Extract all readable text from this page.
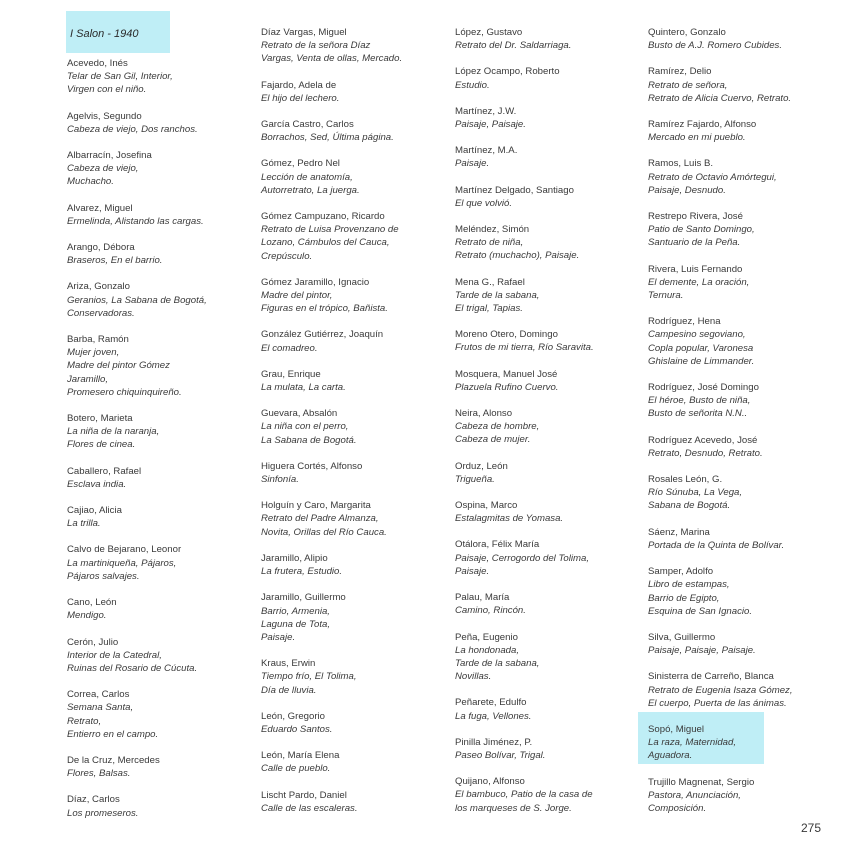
I Salon - 1940
Acevedo, Inés
Telar de San Gil, Interior,
Virgen con el niño.
Agelvis, Segundo
Cabeza de viejo, Dos ranchos.
Albarracín, Josefina
Cabeza de viejo,
Muchacho.
Alvarez, Miguel
Ermelinda, Alistando las cargas.
Arango, Débora
Braseros, En el barrio.
Ariza, Gonzalo
Geranios, La Sabana de Bogotá,
Conservadoras.
Barba, Ramón
Mujer joven,
Madre del pintor Gómez
Jaramillo,
Promesero chiquinquireño.
Botero, Marieta
La niña de la naranja,
Flores de cinea.
Caballero, Rafael
Esclava india.
Cajiao, Alicia
La trilla.
Calvo de Bejarano, Leonor
La martiniqueña, Pájaros,
Pájaros salvajes.
Cano, León
Mendigo.
Cerón, Julio
Interior de la Catedral,
Ruinas del Rosario de Cúcuta.
Correa, Carlos
Semana Santa,
Retrato,
Entierro en el campo.
De la Cruz, Mercedes
Flores, Balsas.
Díaz, Carlos
Los promeseros.
Díaz Vargas, Miguel
Retrato de la señora Díaz
Vargas, Venta de ollas, Mercado.
Fajardo, Adela de
El hijo del lechero.
García Castro, Carlos
Borrachos, Sed, Última página.
Gómez, Pedro Nel
Lección de anatomía,
Autorretrato, La juerga.
Gómez Campuzano, Ricardo
Retrato de Luisa Provenzano de
Lozano, Cámbulos del Cauca,
Crepúsculo.
Gómez Jaramillo, Ignacio
Madre del pintor,
Figuras en el trópico, Bañista.
González Gutiérrez, Joaquín
El comadreo.
Grau, Enrique
La mulata, La carta.
Guevara, Absalón
La niña con el perro,
La Sabana de Bogotá.
Higuera Cortés, Alfonso
Sinfonía.
Holguín y Caro, Margarita
Retrato del Padre Almanza,
Novita, Orillas del Río Cauca.
Jaramillo, Alipio
La frutera, Estudio.
Jaramillo, Guillermo
Barrio, Armenia,
Laguna de Tota,
Paisaje.
Kraus, Erwin
Tiempo frío, El Tolima,
Día de lluvia.
León, Gregorio
Eduardo Santos.
León, María Elena
Calle de pueblo.
Lischt Pardo, Daniel
Calle de las escaleras.
López, Gustavo
Retrato del Dr. Saldarriaga.
López Ocampo, Roberto
Estudio.
Martínez, J.W.
Paisaje, Paisaje.
Martínez, M.A.
Paisaje.
Martínez Delgado, Santiago
El que volvió.
Meléndez, Simón
Retrato de niña,
Retrato (muchacho), Paisaje.
Mena G., Rafael
Tarde de la sabana,
El trigal, Tapias.
Moreno Otero, Domingo
Frutos de mi tierra, Río Saravita.
Mosquera, Manuel José
Plazuela Rufino Cuervo.
Neira, Alonso
Cabeza de hombre,
Cabeza de mujer.
Orduz, León
Trigueña.
Ospina, Marco
Estalagmitas de Yomasa.
Otálora, Félix María
Paisaje, Cerrogordo del Tolima,
Paisaje.
Palau, María
Camino, Rincón.
Peña, Eugenio
La hondonada,
Tarde de la sabana,
Novillas.
Peñarete, Edulfo
La fuga, Vellones.
Pinilla Jiménez, P.
Paseo Bolívar, Trigal.
Quijano, Alfonso
El bambuco, Patio de la casa de
los marqueses de S. Jorge.
Quintero, Gonzalo
Busto de A.J. Romero Cubides.
Ramírez, Delio
Retrato de señora,
Retrato de Alicia Cuervo, Retrato.
Ramírez Fajardo, Alfonso
Mercado en mi pueblo.
Ramos, Luis B.
Retrato de Octavio Amórtegui,
Paisaje, Desnudo.
Restrepo Rivera, José
Patio de Santo Domingo,
Santuario de la Peña.
Rivera, Luis Fernando
El demente, La oración,
Ternura.
Rodríguez, Hena
Campesino segoviano,
Copla popular, Varonesa
Ghislaine de Limmander.
Rodríguez, José Domingo
El héroe, Busto de niña,
Busto de señorita N.N..
Rodríguez Acevedo, José
Retrato, Desnudo, Retrato.
Rosales León, G.
Río Súnuba, La Vega,
Sabana de Bogotá.
Sáenz, Marina
Portada de la Quinta de Bolívar.
Samper, Adolfo
Libro de estampas,
Barrio de Egipto,
Esquina de San Ignacio.
Silva, Guillermo
Paisaje, Paisaje, Paisaje.
Sinisterra de Carreño, Blanca
Retrato de Eugenia Isaza Gómez,
El cuerpo, Puerta de las ánimas.
Sopó, Miguel
La raza, Maternidad,
Aguadora.
Trujillo Magnenat, Sergio
Pastora, Anunciación,
Composición.
275
